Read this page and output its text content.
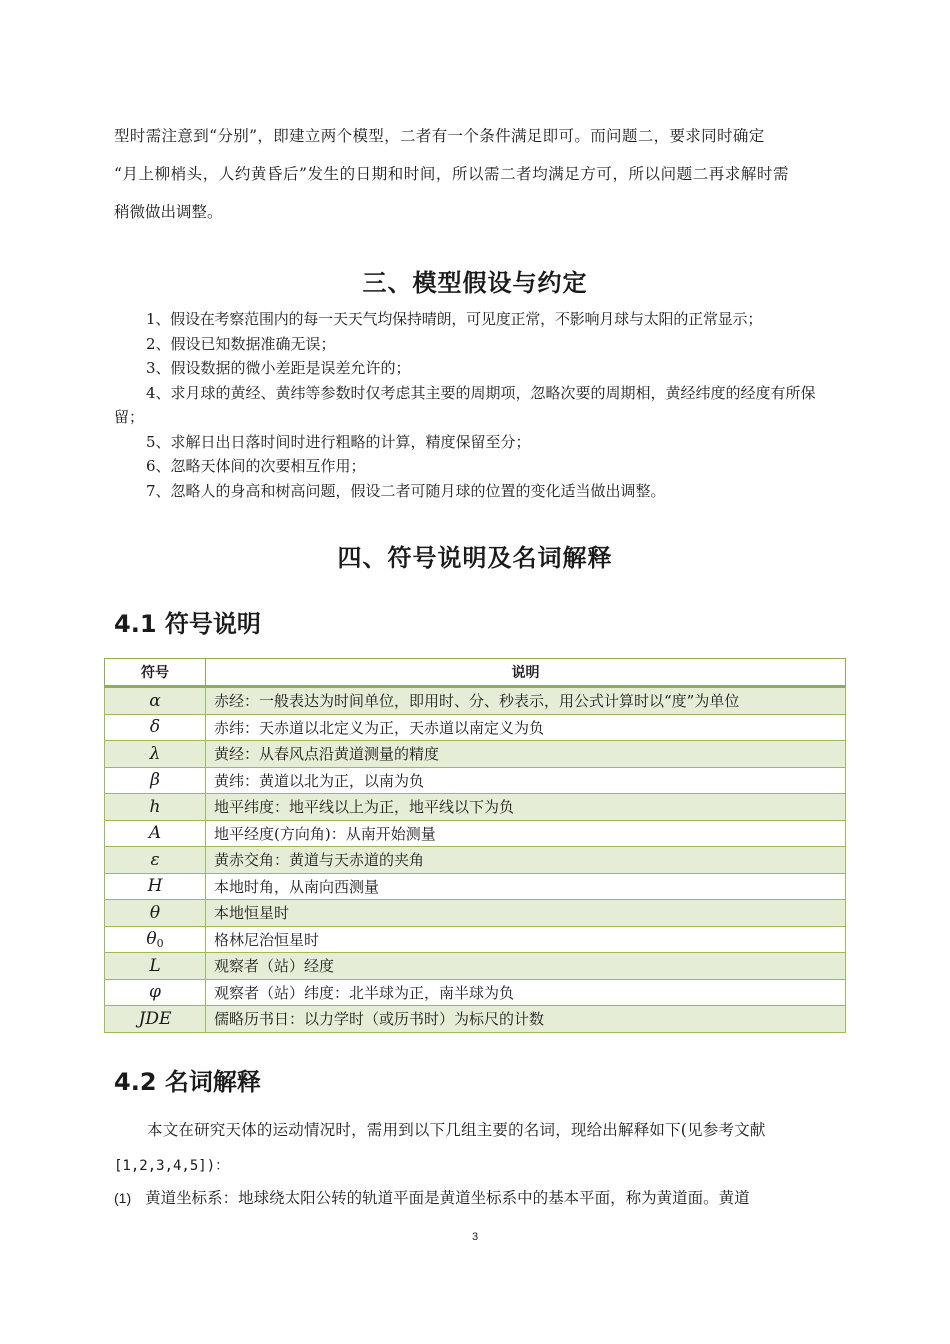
型时需注意到“分别”，即建立两个模型，二者有一个条件满足即可。而问题二，要求同时确定
“月上柳梢头，人约黄昏后”发生的日期和时间，所以需二者均满足方可，所以问题二再求解时需
稍微做出调整。
三、模型假设与约定
1、假设在考察范围内的每一天天气均保持晴朗，可见度正常，不影响月球与太阳的正常显示；
2、假设已知数据准确无误；
3、假设数据的微小差距是误差允许的；
4、求月球的黄经、黄纬等参数时仅考虑其主要的周期项，忽略次要的周期相，黄经纬度的经度有所保留；
5、求解日出日落时间时进行粗略的计算，精度保留至分；
6、忽略天体间的次要相互作用；
7、忽略人的身高和树高问题，假设二者可随月球的位置的变化适当做出调整。
四、符号说明及名词解释
4.1 符号说明
符号	说明
α	赤经：一般表达为时间单位，即用时、分、秒表示，用公式计算时以“度”为单位
δ	赤纬：天赤道以北定义为正，天赤道以南定义为负
λ	黄经：从春风点沿黄道测量的精度
β	黄纬：黄道以北为正，以南为负
h	地平纬度：地平线以上为正，地平线以下为负
A	地平经度(方向角)：从南开始测量
ε	黄赤交角：黄道与天赤道的夹角
H	本地时角，从南向西测量
θ	本地恒星时
$\theta_0$	格林尼治恒星时
L	观察者（站）经度
φ	观察者（站）纬度：北半球为正，南半球为负
JDE	儒略历书日：以力学时（或历书时）为标尺的计数
4.2 名词解释
本文在研究天体的运动情况时，需用到以下几组主要的名词，现给出解释如下(见参考文献
[1,2,3,4,5])：
(1) 黄道坐标系：地球绕太阳公转的轨道平面是黄道坐标系中的基本平面，称为黄道面。黄道
3
